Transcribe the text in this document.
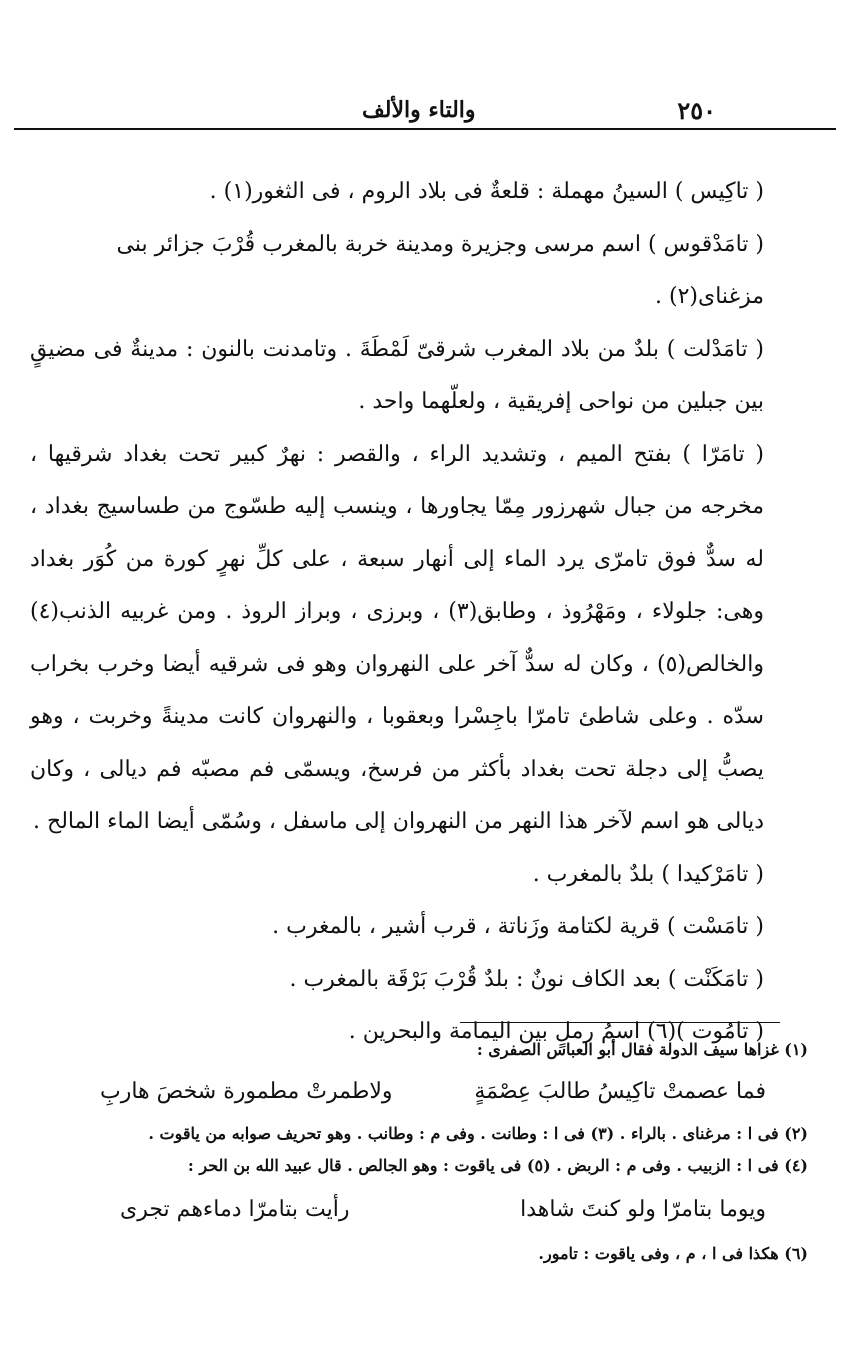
والتاء والألف	٢٥٠

( تاكِيس ) السينُ مهملة : قلعةٌ فى بلاد الروم ، فى الثغور(١) .

( تامَدْقوس ) اسم مرسى وجزيرة ومدينة خربة بالمغرب قُرْبَ جزائر بنى مزغناى(٢) .

( تامَدْلت ) بلدٌ من بلاد المغرب شرقىّ لَمْطَةَ . وتامدنت بالنون : مدينةٌ فى مضيقٍ بين جبلين من نواحى إفريقية ، ولعلّهما واحد .

( تامَرّا ) بفتح الميم ، وتشديد الراء ، والقصر : نهرٌ كبير تحت بغداد شرقيها ، مخرجه من جبال شهرزور مِمّا يجاورها ، وينسب إليه طسّوج من طساسيج بغداد ، له سدٌّ فوق تامرّى يرد الماء إلى أنهار سبعة ، على كلِّ نهرٍ كورة من كُوَر بغداد وهى: جلولاء ، ومَهْرُوذ ، وطابق(٣) ، وبرزى ، وبراز الروذ . ومن غربيه الذنب(٤) والخالص(٥) ، وكان له سدٌّ آخر على النهروان وهو فى شرقيه أيضا وخرب بخراب سدّه . وعلى شاطئ تامرّا باجِسْرا وبعقوبا ، والنهروان كانت مدينةً وخربت ، وهو يصبُّ إلى دجلة تحت بغداد بأكثر من فرسخ، ويسمّى فم مصبّه فم ديالى ، وكان ديالى هو اسم لآخر هذا النهر من النهروان إلى ماسفل ، وسُمّى أيضا الماء المالح .

( تامَرْكيدا ) بلدٌ بالمغرب .

( تامَسْت ) قرية لكتامة وزَناتة ، قرب أشير ، بالمغرب .

( تامَكَنْت ) بعد الكاف نونٌ : بلدٌ قُرْبَ بَرْقَة بالمغرب .

( تامُوت )(٦) اسمُ رملٍ بين اليمامة والبحرين .

(١) غزاها سيف الدولة فقال أبو العباس الصفرى :

فما عصمتْ تاكِيسُ طالبَ عِصْمَةٍ
ولاطمرتْ مطمورة شخصَ هاربِ

(٢) فى ا : مرغناى . بالراء . (٣) فى ا : وطانت . وفى م : وطانب . وهو تحريف صوابه من ياقوت .

(٤) فى ا : الزبيب . وفى م : الربض . (٥) فى ياقوت : وهو الجالص . قال عبيد الله بن الحر :

ويوما بتامرّا ولو كنتَ شاهدا
رأيت بتامرّا دماءهم تجرى

(٦) هكذا فى ا ، م ، وفى ياقوت : تامور.
